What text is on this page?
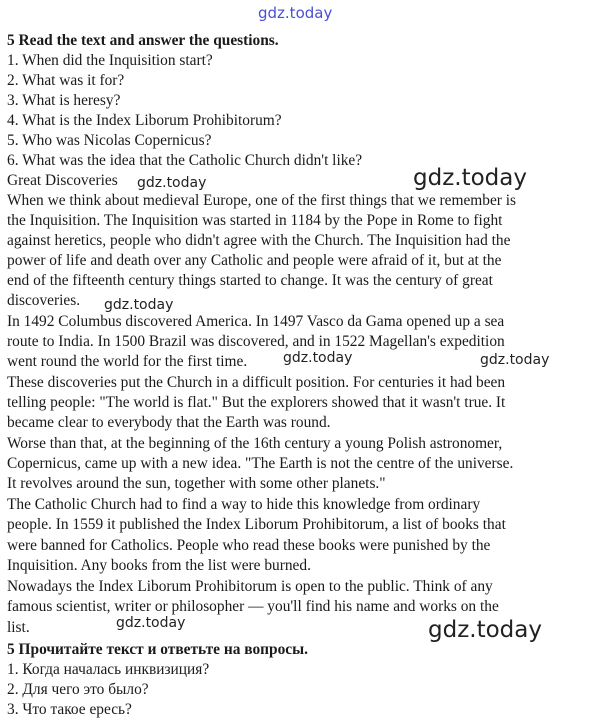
gdz.today
gdz.today	gdz.today
gdz.today
gdz.today	gdz.today
gdz.today	gdz.today
5 Read the text and answer the questions.
1. When did the Inquisition start?
2. What was it for?
3. What is heresy?
4. What is the Index Liborum Prohibitorum?
5. Who was Nicolas Copernicus?
6. What was the idea that the Catholic Church didn't like?
Great Discoveries
When we think about medieval Europe, one of the first things that we remember is
the Inquisition. The Inquisition was started in 1184 by the Pope in Rome to fight
against heretics, people who didn't agree with the Church. The Inquisition had the
power of life and death over any Catholic and people were afraid of it, but at the
end of the fifteenth century things started to change. It was the century of great
discoveries.
In 1492 Columbus discovered America. In 1497 Vasco da Gama opened up a sea
route to India. In 1500 Brazil was discovered, and in 1522 Magellan's expedition
went round the world for the first time.
These discoveries put the Church in a difficult position. For centuries it had been
telling people: "The world is flat." But the explorers showed that it wasn't true. It
became clear to everybody that the Earth was round.
Worse than that, at the beginning of the 16th century a young Polish astronomer,
Copernicus, came up with a new idea. "The Earth is not the centre of the universe.
It revolves around the sun, together with some other planets."
The Catholic Church had to find a way to hide this knowledge from ordinary
people. In 1559 it published the Index Liborum Prohibitorum, a list of books that
were banned for Catholics. People who read these books were punished by the
Inquisition. Any books from the list were burned.
Nowadays the Index Liborum Prohibitorum is open to the public. Think of any
famous scientist, writer or philosopher — you'll find his name and works on the
list.
5 Прочитайте текст и ответьте на вопросы.
1. Когда началась инквизиция?
2. Для чего это было?
3. Что такое ересь?
